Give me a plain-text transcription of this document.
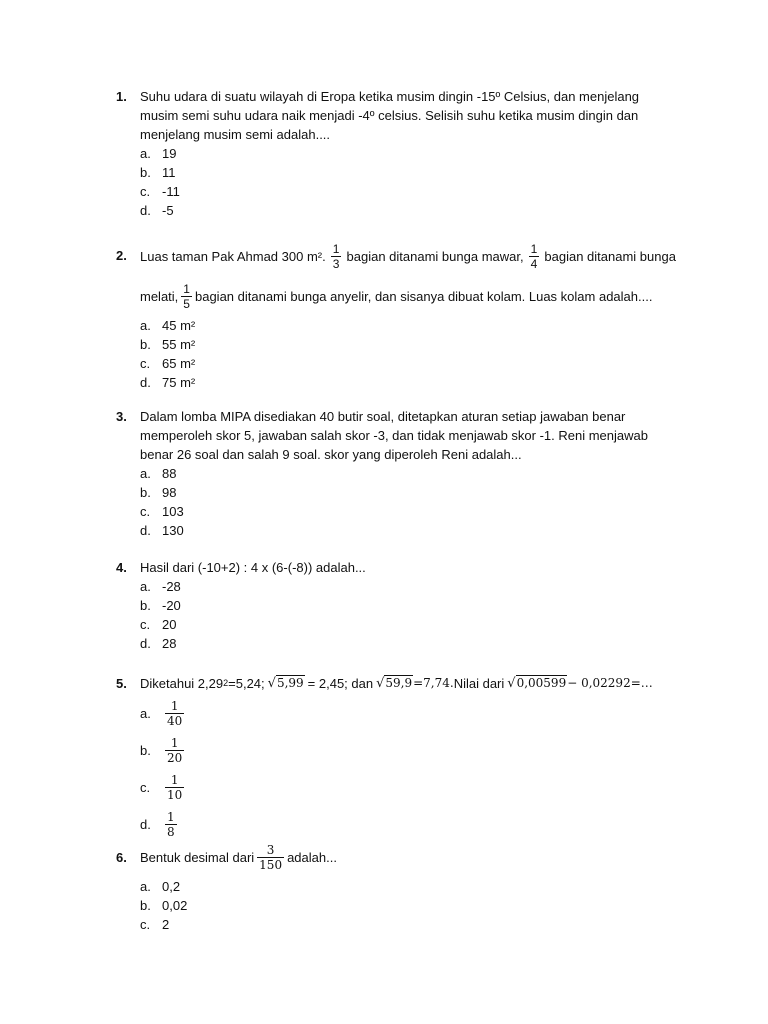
1.	Suhu udara di suatu wilayah di Eropa ketika musim dingin -15º Celsius, dan menjelang
musim semi suhu udara naik menjadi -4º celsius. Selisih suhu ketika musim dingin dan
menjelang musim semi adalah....
a. 19
b. 11
c. -11
d. -5
2.	Luas taman Pak Ahmad 300 m². $\frac{1}{3}$ bagian ditanami bunga mawar, $\frac{1}{4}$ bagian ditanami bunga
melati, $\frac{1}{5}$ bagian ditanami bunga anyelir, dan sisanya dibuat kolam. Luas kolam adalah....
a. 45 m²
b. 55 m²
c. 65 m²
d. 75 m²
3.	Dalam lomba MIPA disediakan 40 butir soal, ditetapkan aturan setiap jawaban benar
memperoleh skor 5, jawaban salah skor -3, dan tidak menjawab skor -1. Reni menjawab
benar 26 soal dan salah 9 soal. skor yang diperoleh Reni adalah...
a. 88
b. 98
c. 103
d. 130
4.	Hasil dari (-10+2) : 4 x (6-(-8)) adalah...
a. -28
b. -20
c. 20
d. 28
5.	Diketahui 2,29 2 =5,24; √5,99 = 2,45; dan √59,9 =7,74. Nilai dari √0,00599 − 0,0229 2 =…
a.	$\frac{1}{40}$
b.	$\frac{1}{20}$
c.	$\frac{1}{10}$
d.	$\frac{1}{8}$
6.	Bentuk desimal dari $\frac{3}{150}$ adalah...
a. 0,2
b. 0,02
c. 2
